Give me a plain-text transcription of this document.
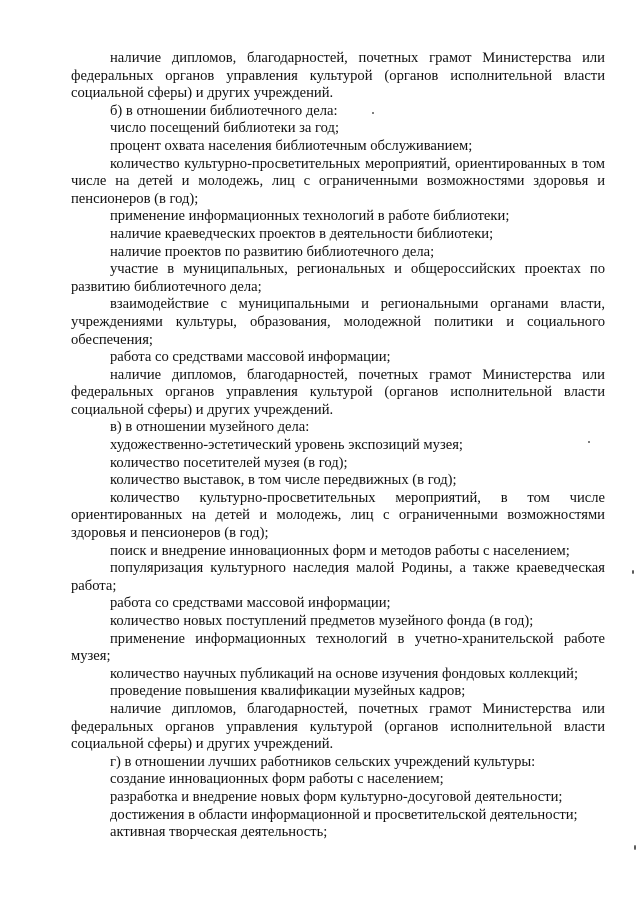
наличие дипломов, благодарностей, почетных грамот Министерства или федеральных органов управления культурой (органов исполнительной власти социальной сферы) и других учреждений.

б) в отношении библиотечного дела:

число посещений библиотеки за год;

процент охвата населения библиотечным обслуживанием;

количество культурно-просветительных мероприятий, ориентированных в том числе на детей и молодежь, лиц с ограниченными возможностями здоровья и пенсионеров (в год);

применение информационных технологий в работе библиотеки;

наличие краеведческих проектов в деятельности библиотеки;

наличие проектов по развитию библиотечного дела;

участие в муниципальных, региональных и общероссийских проектах по развитию библиотечного дела;

взаимодействие с муниципальными и региональными органами власти, учреждениями культуры, образования, молодежной политики и социального обеспечения;

работа со средствами массовой информации;

наличие дипломов, благодарностей, почетных грамот Министерства или федеральных органов управления культурой (органов исполнительной власти социальной сферы) и других учреждений.

в) в отношении музейного дела:

художественно-эстетический уровень экспозиций музея;

количество посетителей музея (в год);

количество выставок, в том числе передвижных (в год);

количество культурно-просветительных мероприятий, в том числе ориентированных на детей и молодежь, лиц с ограниченными возможностями здоровья и пенсионеров (в год);

поиск и внедрение инновационных форм и методов работы с населением;

популяризация культурного наследия малой Родины, а также краеведческая работа;

работа со средствами массовой информации;

количество новых поступлений предметов музейного фонда (в год);

применение информационных технологий в учетно-хранительской работе музея;

количество научных публикаций на основе изучения фондовых коллекций;

проведение повышения квалификации музейных кадров;

наличие дипломов, благодарностей, почетных грамот Министерства или федеральных органов управления культурой (органов исполнительной власти социальной сферы) и других учреждений.

г) в отношении лучших работников сельских учреждений культуры:

создание инновационных форм работы с населением;

разработка и внедрение новых форм культурно-досуговой деятельности;

достижения в области информационной и просветительской деятельности;

активная творческая деятельность;
